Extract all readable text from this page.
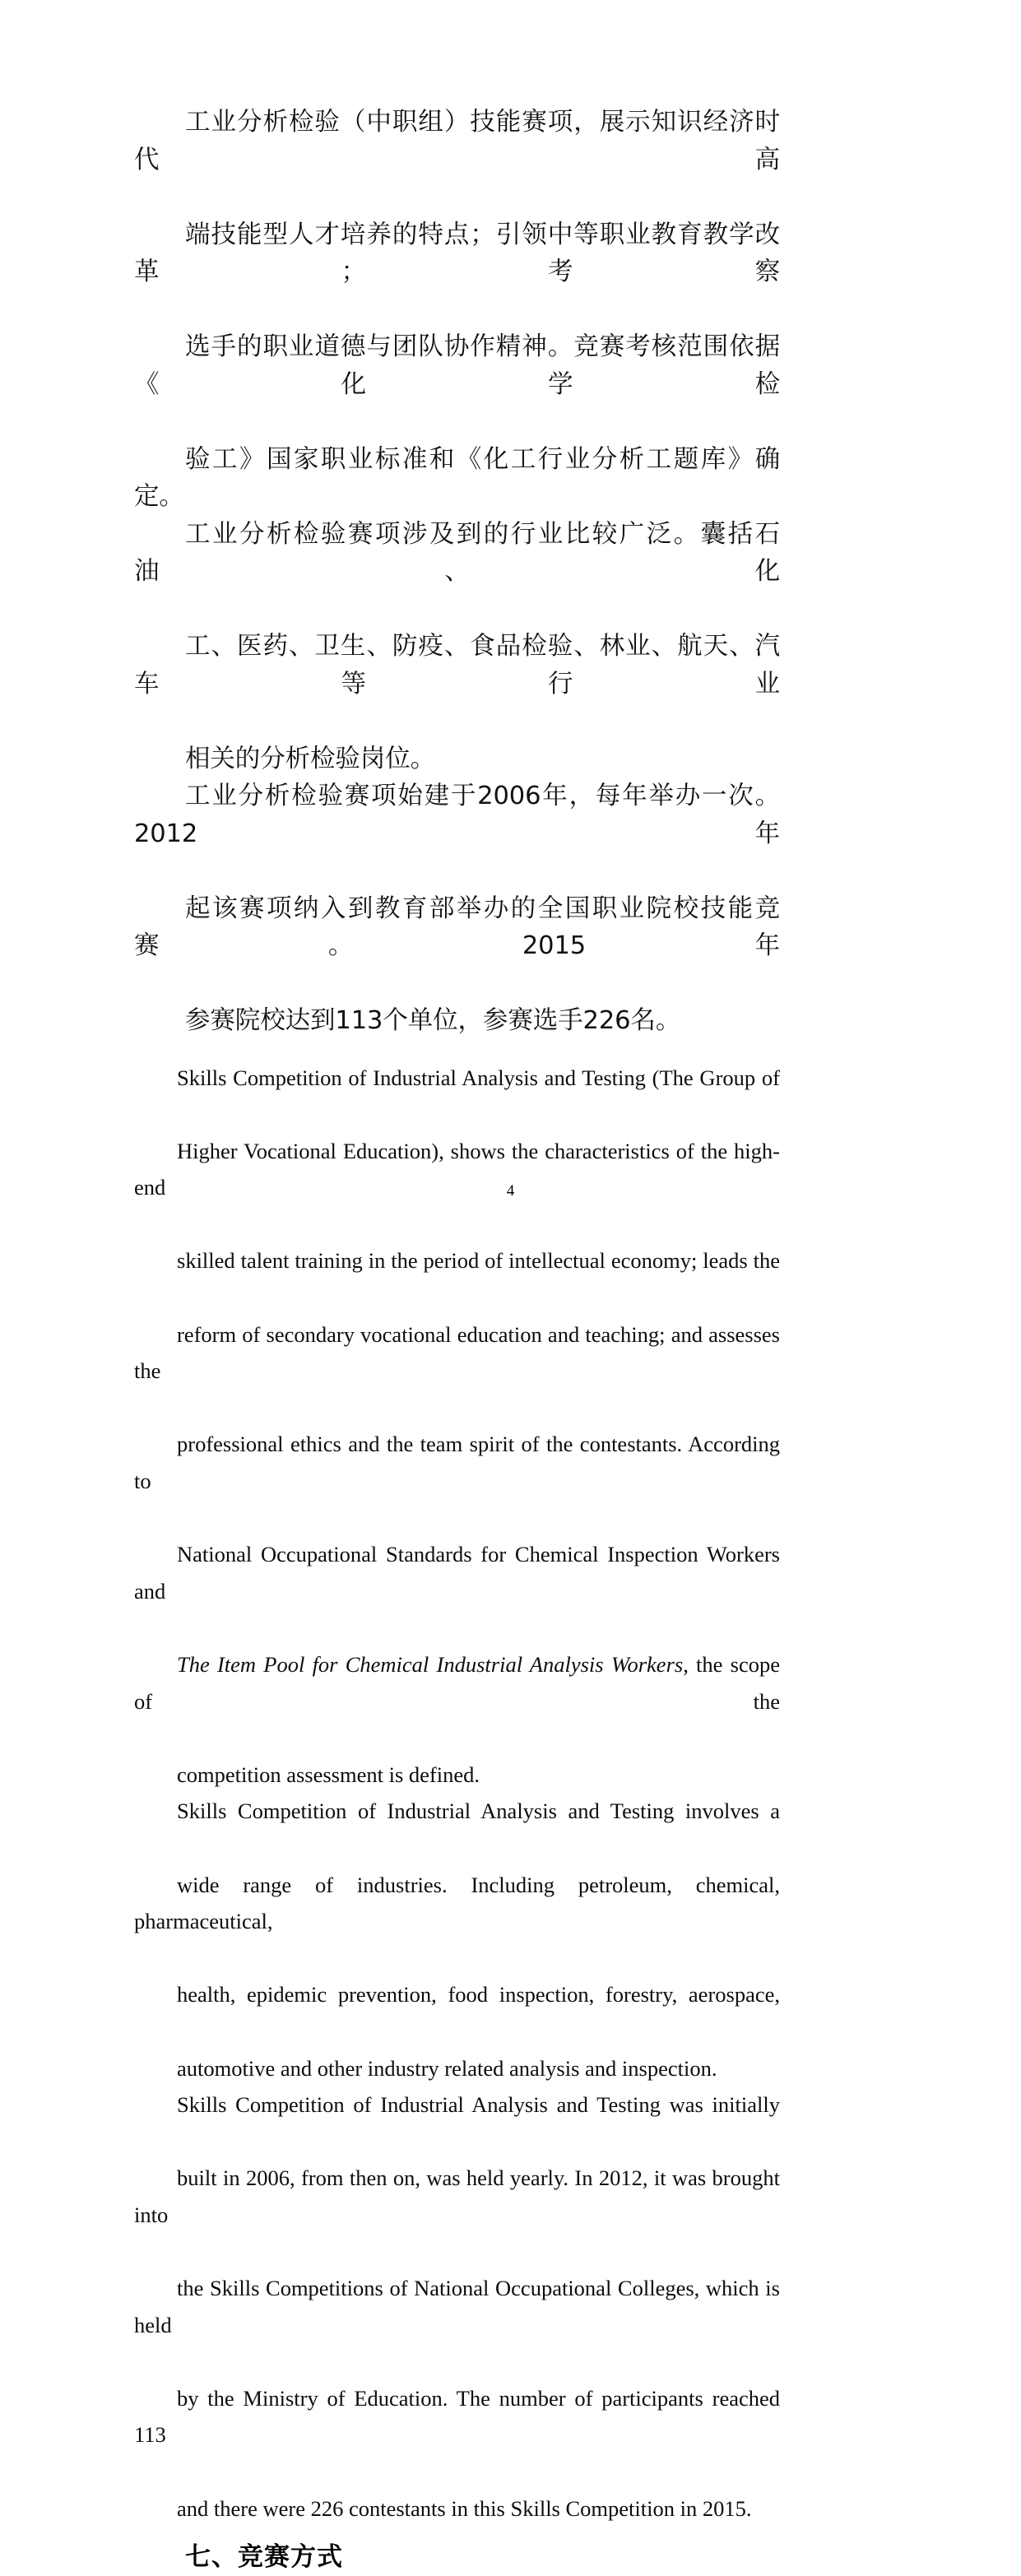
工业分析检验（中职组）技能赛项，展示知识经济时代高
端技能型人才培养的特点；引领中等职业教育教学改革；考察
选手的职业道德与团队协作精神。竞赛考核范围依据《化学检
验工》国家职业标准和《化工行业分析工题库》确定。

工业分析检验赛项涉及到的行业比较广泛。囊括石油、化
工、医药、卫生、防疫、食品检验、林业、航天、汽车等行业
相关的分析检验岗位。

工业分析检验赛项始建于2006年，每年举办一次。2012年
起该赛项纳入到教育部举办的全国职业院校技能竞赛。2015年
参赛院校达到113个单位，参赛选手226名。

Skills Competition of Industrial Analysis and Testing (The Group of
Higher Vocational Education), shows the characteristics of the high-end
skilled talent training in the period of intellectual economy; leads the
reform of secondary vocational education and teaching; and assesses the
professional ethics and the team spirit of the contestants. According to
National Occupational Standards for Chemical Inspection Workers and
The Item Pool for Chemical Industrial Analysis Workers, the scope of the
competition assessment is defined.

Skills Competition of Industrial Analysis and Testing involves a
wide range of industries. Including petroleum, chemical, pharmaceutical,
health, epidemic prevention, food inspection, forestry, aerospace,
automotive and other industry related analysis and inspection.

Skills Competition of Industrial Analysis and Testing was initially
built in 2006, from then on, was held yearly. In 2012, it was brought into
the Skills Competitions of National Occupational Colleges, which is held
by the Ministry of Education. The number of participants reached 113
and there were 226 contestants in this Skills Competition in 2015.

七、竞赛方式
4
